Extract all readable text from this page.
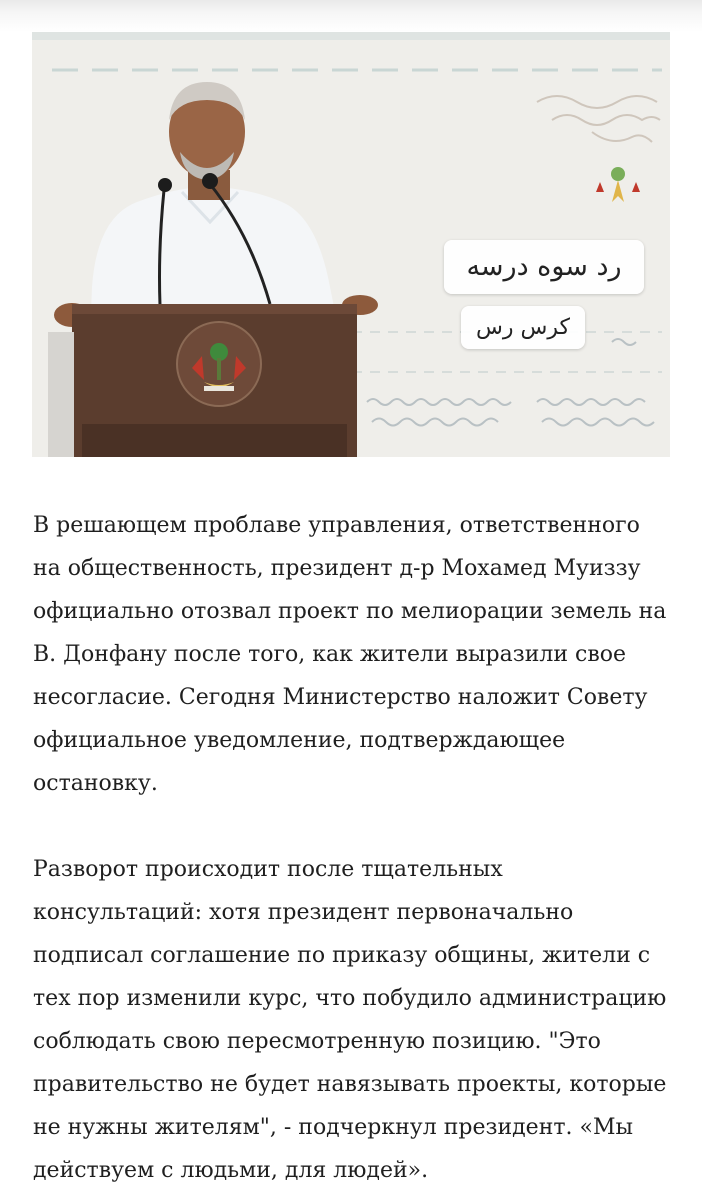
رد سوه درسه
کرس رس

В решающем проблаве управления, ответственного на общественность, президент д-р Мохамед Муиззу официально отозвал проект по мелиорации земель на В. Донфану после того, как жители выразили свое несогласие. Сегодня Министерство наложит Совету официальное уведомление, подтверждающее остановку.

Разворот происходит после тщательных консультаций: хотя президент первоначально подписал соглашение по приказу общины, жители с тех пор изменили курс, что побудило администрацию соблюдать свою пересмотренную позицию. "Это правительство не будет навязывать проекты, которые не нужны жителям", - подчеркнул президент. «Мы действуем с людьми, для людей».
